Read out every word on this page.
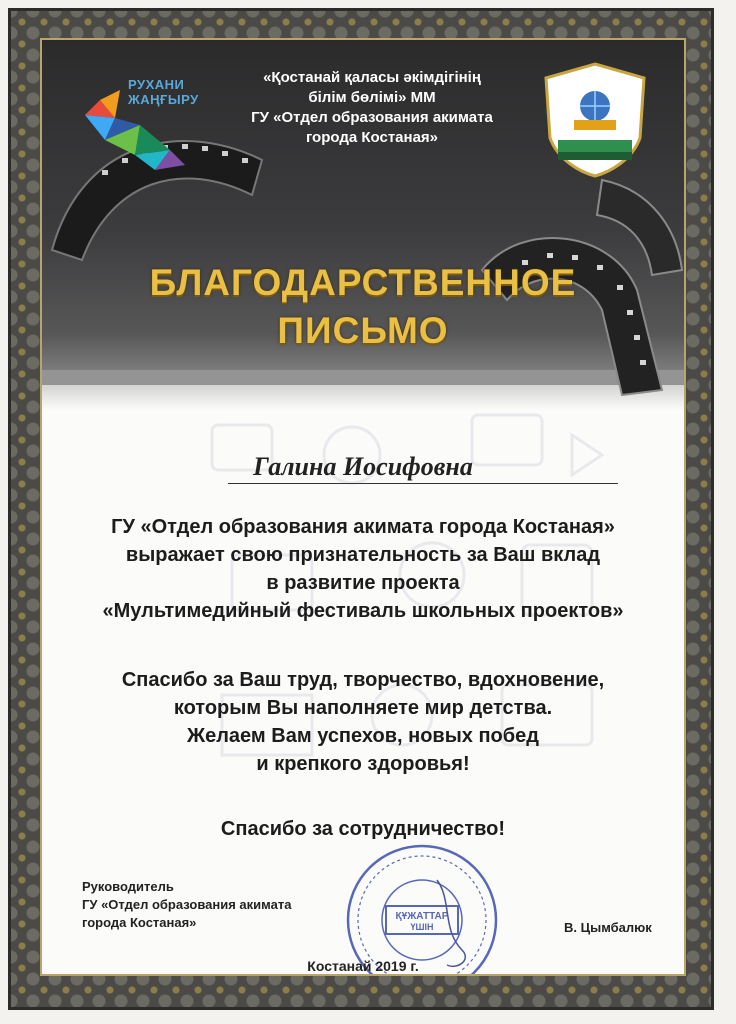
РУХАНИ
ЖАҢҒЫРУ
«Қостанай қаласы әкімдігінің
білім бөлімі» ММ
ГУ «Отдел образования акимата
города Костаная»
БЛАГОДАРСТВЕННОЕ
ПИСЬМО
Галина Иосифовна
ГУ «Отдел образования акимата города Костаная»
выражает свою признательность за Ваш вклад
в развитие проекта
«Мультимедийный фестиваль школьных проектов»
Спасибо за Ваш труд, творчество, вдохновение,
которым Вы наполняете мир детства.
Желаем Вам успехов, новых побед
и крепкого здоровья!
Спасибо за сотрудничество!
ҚҰЖАТТАР
ҮШІН
Руководитель
ГУ «Отдел образования акимата
города Костаная»	В. Цымбалюк
Костанай 2019 г.
